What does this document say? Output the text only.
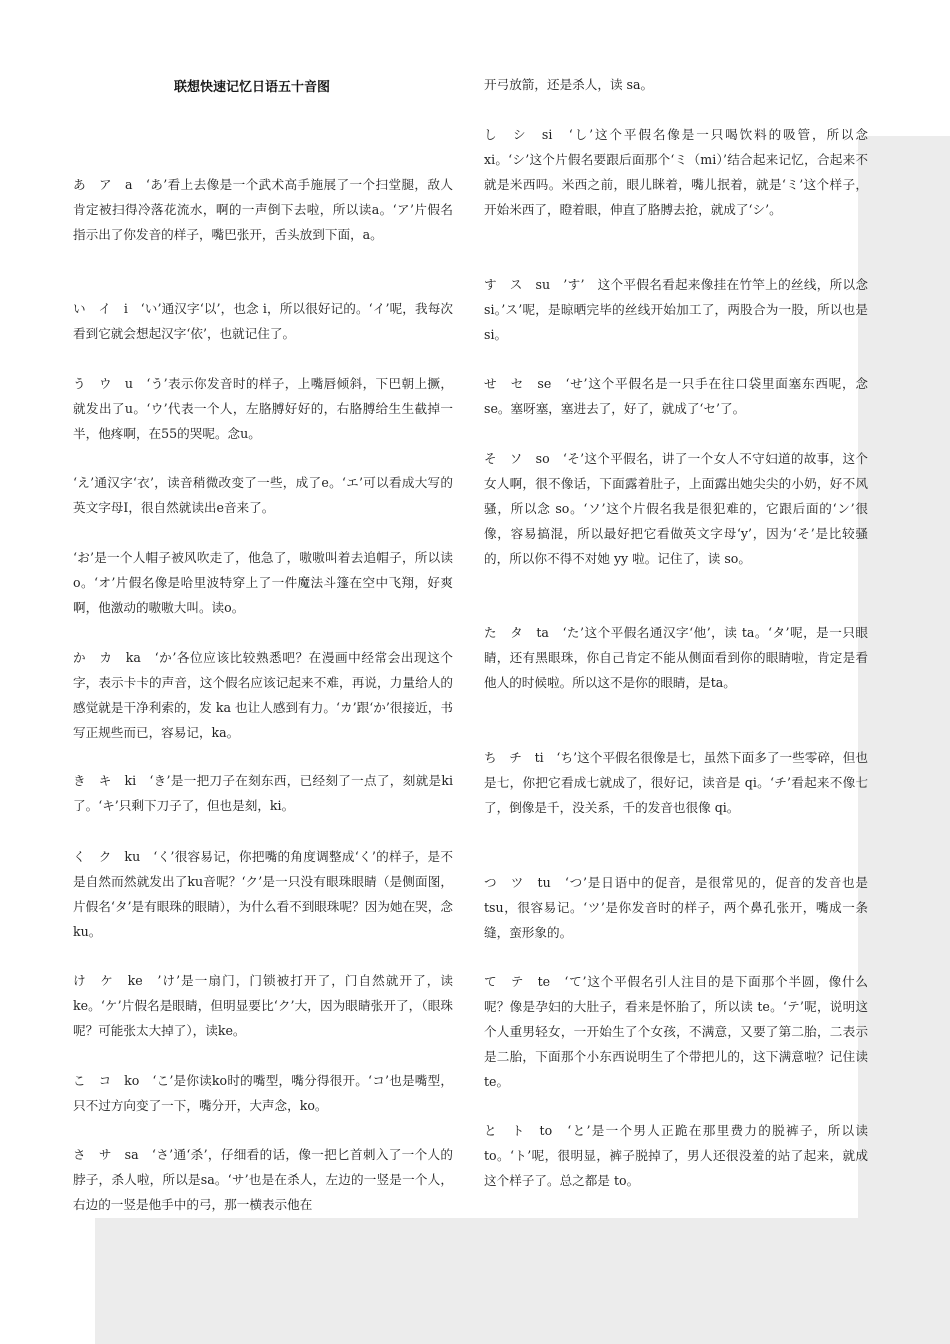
联想快速记忆日语五十音图

あ　ア　a　‘あ’看上去像是一个武术高手施展了一个扫堂腿，敌人肯定被扫得冷落花流水，啊的一声倒下去啦，所以读a。‘ア’片假名指示出了你发音的样子，嘴巴张开，舌头放到下面，a。

い　イ　i　‘い’通汉字‘以’，也念 i，所以很好记的。‘イ’呢，我每次看到它就会想起汉字‘依’，也就记住了。

う　ウ　u　‘う’表示你发音时的样子，上嘴唇倾斜，下巴朝上撅，就发出了u。‘ウ’代表一个人，左胳膊好好的，右胳膊给生生截掉一半，他疼啊，在55的哭呢。念u。

‘え’通汉字‘衣’，读音稍微改变了一些，成了e。‘エ’可以看成大写的英文字母I，很自然就读出e音来了。

‘お’是一个人帽子被风吹走了，他急了，嗷嗷叫着去追帽子，所以读o。‘オ’片假名像是哈里波特穿上了一件魔法斗篷在空中飞翔，好爽啊，他激动的嗷嗷大叫。读o。

か　カ　ka　‘か’各位应该比较熟悉吧？在漫画中经常会出现这个字，表示卡卡的声音，这个假名应该记起来不难，再说，力量给人的感觉就是干净利索的，发 ka 也让人感到有力。‘カ’跟‘か’很接近，书写正规些而已，容易记，ka。

き　キ　ki　‘き’是一把刀子在刻东西，已经刻了一点了，刻就是ki了。‘キ’只剩下刀子了，但也是刻，ki。

く　ク　ku　‘く’很容易记，你把嘴的角度调整成‘く’的样子，是不是自然而然就发出了ku音呢？‘ク’是一只没有眼珠眼睛（是侧面图，片假名‘タ’是有眼珠的眼睛），为什么看不到眼珠呢？因为她在哭，念ku。

け　ケ　ke　’け’是一扇门，门锁被打开了，门自然就开了，读ke。‘ケ’片假名是眼睛，但明显要比‘ク’大，因为眼睛张开了，（眼珠呢？可能张太大掉了），读ke。

こ　コ　ko　‘こ’是你读ko时的嘴型，嘴分得很开。‘コ’也是嘴型，只不过方向变了一下，嘴分开，大声念，ko。

さ　サ　sa　‘さ’通‘杀’，仔细看的话，像一把匕首刺入了一个人的脖子，杀人啦，所以是sa。‘サ’也是在杀人，左边的一竖是一个人，右边的一竖是他手中的弓，那一横表示他在

开弓放箭，还是杀人，读 sa。

し　シ　si　‘し’这个平假名像是一只喝饮料的吸管，所以念 xi。‘シ’这个片假名要跟后面那个‘ミ（mi）’结合起来记忆，合起来不就是米西吗。米西之前，眼儿眯着，嘴儿抿着，就是‘ミ’这个样子，开始米西了，瞪着眼，伸直了胳膊去抢，就成了‘シ’。

す　ス　su　’す’　这个平假名看起来像挂在竹竿上的丝线，所以念 si。’ス’呢，是晾晒完毕的丝线开始加工了，两股合为一股，所以也是 si。

せ　セ　se　‘せ’这个平假名是一只手在往口袋里面塞东西呢，念 se。塞呀塞，塞进去了，好了，就成了‘セ’了。

そ　ソ　so　‘そ’这个平假名，讲了一个女人不守妇道的故事，这个女人啊，很不像话，下面露着肚子，上面露出她尖尖的小奶，好不风骚，所以念 so。‘ソ’这个片假名我是很犯难的，它跟后面的‘ン’很像，容易搞混，所以最好把它看做英文字母‘y’，因为‘そ’是比较骚的，所以你不得不对她 yy 啦。记住了，读 so。

た　タ　ta　‘た’这个平假名通汉字‘他’，读 ta。‘タ’呢，是一只眼睛，还有黑眼珠，你自己肯定不能从侧面看到你的眼睛啦，肯定是看他人的时候啦。所以这不是你的眼睛，是ta。

ち　チ　ti　‘ち’这个平假名很像是七，虽然下面多了一些零碎，但也是七，你把它看成七就成了，很好记，读音是 qi。‘チ’看起来不像七了，倒像是千，没关系，千的发音也很像 qi。

つ　ツ　tu　‘つ’是日语中的促音，是很常见的，促音的发音也是 tsu，很容易记。‘ツ’是你发音时的样子，两个鼻孔张开，嘴成一条缝，蛮形象的。

て　テ　te　‘て’这个平假名引人注目的是下面那个半圆，像什么呢？像是孕妇的大肚子，看来是怀胎了，所以读 te。‘テ’呢，说明这个人重男轻女，一开始生了个女孩，不满意，又要了第二胎，二表示是二胎，下面那个小东西说明生了个带把儿的，这下满意啦？记住读 te。

と　ト　to　‘と’是一个男人正跪在那里费力的脱裤子，所以读 to。‘ト’呢，很明显，裤子脱掉了，男人还很没羞的站了起来，就成这个样子了。总之都是 to。
